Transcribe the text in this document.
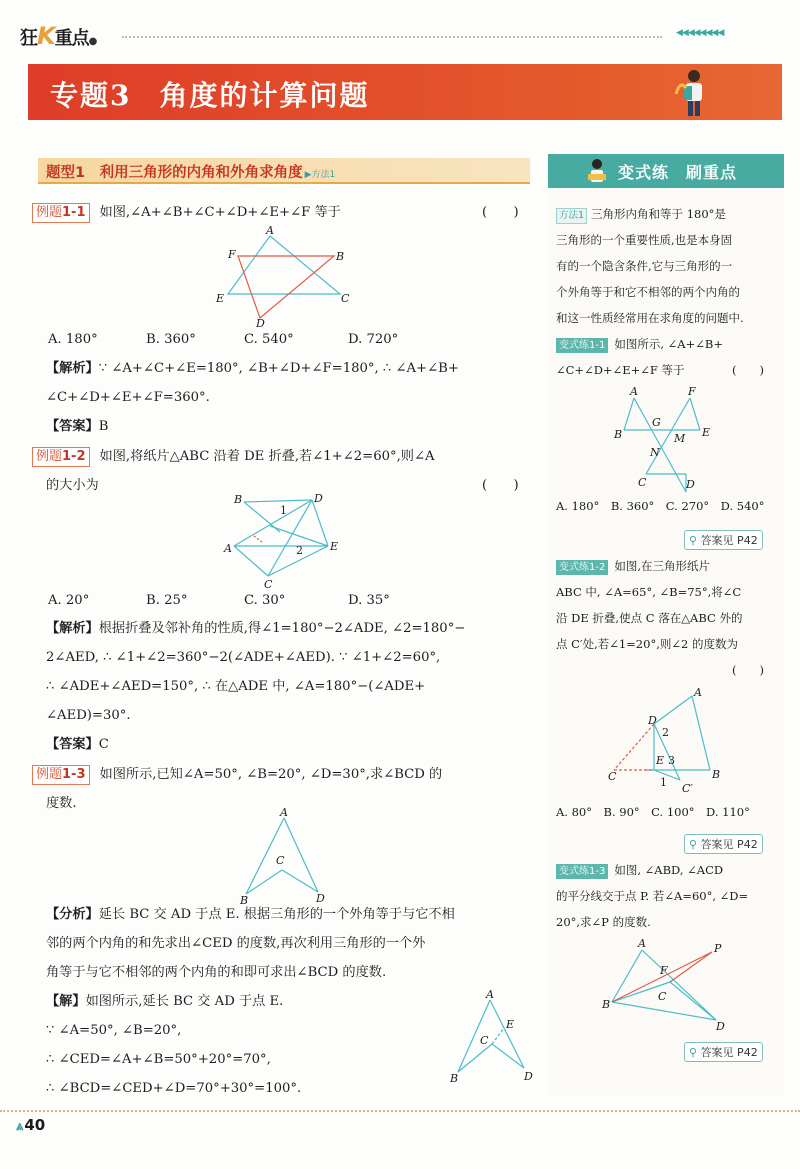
狂K重点●
◀◀◀◀◀◀◀◀
专题3 角度的计算问题
题型1　利用三角形的内角和外角求角度 ▶方法1
例题1-1 如图,∠A+∠B+∠C+∠D+∠E+∠F 等于	(　　)
A
F	B
E	C
D
A. 180°	B. 360°	C. 540°	D. 720°
【解析】∵ ∠A+∠C+∠E=180°, ∠B+∠D+∠F=180°, ∴ ∠A+∠B+
∠C+∠D+∠E+∠F=360°.
【答案】B
例题1-2 如图,将纸片△ABC 沿着 DE 折叠,若∠1+∠2=60°,则∠A
的大小为	(　　)
B	D
1
A	2 E
C
A. 20°	B. 25°	C. 30°	D. 35°
【解析】根据折叠及邻补角的性质,得∠1=180°−2∠ADE, ∠2=180°−
2∠AED, ∴ ∠1+∠2=360°−2(∠ADE+∠AED). ∵ ∠1+∠2=60°,
∴ ∠ADE+∠AED=150°, ∴ 在△ADE 中, ∠A=180°−(∠ADE+
∠AED)=30°.
【答案】C
例题1-3 如图所示,已知∠A=50°, ∠B=20°, ∠D=30°,求∠BCD 的
度数.
A
C
B	D
【分析】延长 BC 交 AD 于点 E. 根据三角形的一个外角等于与它不相
邻的两个内角的和先求出∠CED 的度数,再次利用三角形的一个外
角等于与它不相邻的两个内角的和即可求出∠BCD 的度数.
【解】如图所示,延长 BC 交 AD 于点 E.
∵ ∠A=50°, ∠B=20°,
∴ ∠CED=∠A+∠B=50°+20°=70°,
∴ ∠BCD=∠CED+∠D=70°+30°=100°.
A
E
C
B	D
变式练　刷重点
方法1 三角形内角和等于 180°是
三角形的一个重要性质,也是本身固
有的一个隐含条件,它与三角形的一
个外角等于和它不相邻的两个内角的
和这一性质经常用在求角度的问题中.
变式练1-1 如图所示, ∠A+∠B+
∠C+∠D+∠E+∠F 等于	(　　)
A	F
G
B	M E
N
C	D
A. 180°　B. 360°　C. 270°　D. 540°
⚲ 答案见 P42
变式练1-2 如图,在三角形纸片
ABC 中, ∠A=65°, ∠B=75°,将∠C
沿 DE 折叠,使点 C 落在△ABC 外的
点 C′处,若∠1=20°,则∠2 的度数为
(　　)
A
D
2
C
E 3
B
1 C′
A. 80°　B. 90°　C. 100°　D. 110°
⚲ 答案见 P42
变式练1-3 如图, ∠ABD, ∠ACD
的平分线交于点 P. 若∠A=60°, ∠D=
20°,求∠P 的度数.
A	P
F
C
B
D
⚲ 答案见 P42
⩓40
